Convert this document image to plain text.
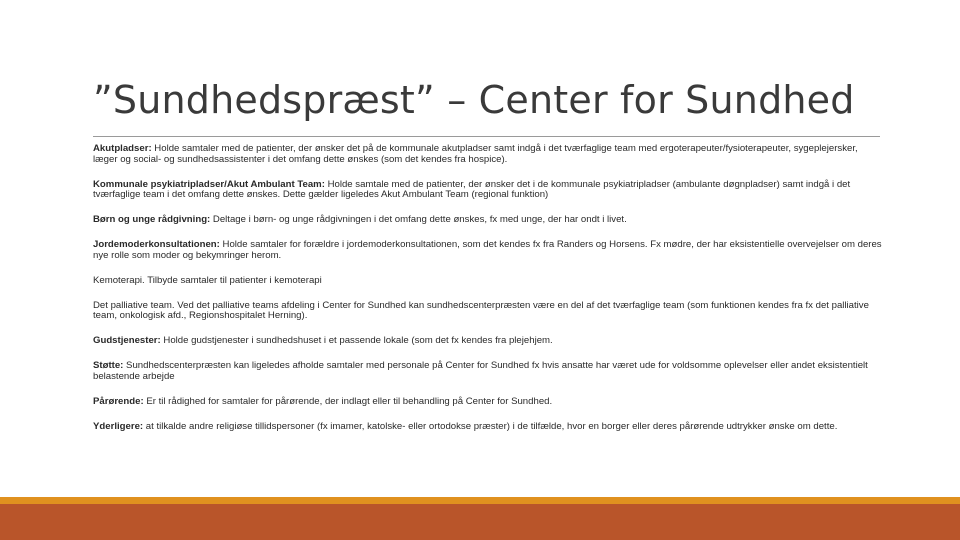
”Sundhedspræst” – Center for Sundhed

Akutpladser: Holde samtaler med de patienter, der ønsker det på de kommunale akutpladser samt indgå i det tværfaglige team med ergoterapeuter/fysioterapeuter, sygeplejersker, læger og social- og sundhedsassistenter i det omfang dette ønskes (som det kendes fra hospice).

Kommunale psykiatripladser/Akut Ambulant Team: Holde samtale med de patienter, der ønsker det i de kommunale psykiatripladser (ambulante døgnpladser) samt indgå i det tværfaglige team i det omfang dette ønskes. Dette gælder ligeledes Akut Ambulant Team (regional funktion)

Børn og unge rådgivning: Deltage i børn- og unge rådgivningen i det omfang dette ønskes, fx med unge, der har ondt i livet.

Jordemoderkonsultationen: Holde samtaler for forældre i jordemoderkonsultationen, som det kendes fx fra Randers og Horsens. Fx mødre, der har eksistentielle overvejelser om deres nye rolle som moder og bekymringer herom.

Kemoterapi. Tilbyde samtaler til patienter i kemoterapi

Det palliative team. Ved det palliative teams afdeling i Center for Sundhed kan sundhedscenterpræsten være en del af det tværfaglige team (som funktionen kendes fra fx det palliative team, onkologisk afd., Regionshospitalet Herning).

Gudstjenester: Holde gudstjenester i sundhedshuset i et passende lokale (som det fx kendes fra plejehjem.

Støtte: Sundhedscenterpræsten kan ligeledes afholde samtaler med personale på Center for Sundhed fx hvis ansatte har været ude for voldsomme oplevelser eller andet eksistentielt belastende arbejde

Pårørende: Er til rådighed for samtaler for pårørende, der indlagt eller til behandling på Center for Sundhed.

Yderligere: at tilkalde andre religiøse tillidspersoner (fx imamer, katolske- eller ortodokse præster) i de tilfælde, hvor en borger eller deres pårørende udtrykker ønske om dette.
